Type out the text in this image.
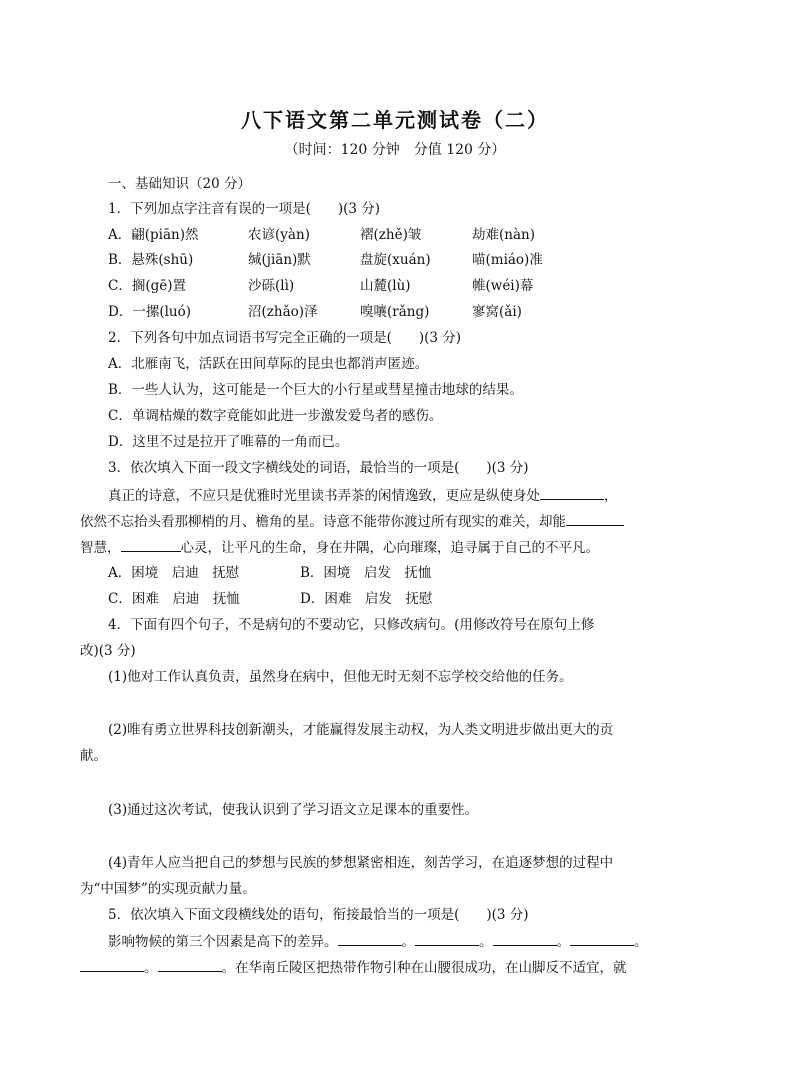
八下语文第二单元测试卷（二）
（时间：120 分钟　分值 120 分）
一、基础知识（20 分）
1．下列加点字注音有误的一项是(　　)(3 分)
A．翩(piān)然	农谚(yàn)	褶(zhě)皱	劫难(nàn)
B．悬殊(shū)	缄(jiān)默	盘旋(xuán)	喵(miáo)准
C．搁(gē)置	沙砾(lì)	山麓(lù)	帷(wéi)幕
D．一摞(luó)	沼(zhǎo)泽	嗅嚷(rǎng)	寥窝(ǎi)
2．下列各句中加点词语书写完全正确的一项是(　　)(3 分)
A．北雁南飞，活跃在田间草际的昆虫也都消声匿迹。
B．一些人认为，这可能是一个巨大的小行星或彗星撞击地球的结果。
C．单调枯燥的数字竟能如此进一步激发爱鸟者的感伤。
D．这里不过是拉开了唯幕的一角而已。
3．依次填入下面一段文字横线处的词语，最恰当的一项是(　　)(3 分)
真正的诗意，不应只是优雅时光里读书弄茶的闲情逸致，更应是纵使身处	，
依然不忘抬头看那柳梢的月、檐角的星。诗意不能带你渡过所有现实的难关，却能
智慧，	心灵，让平凡的生命，身在井隅，心向璀璨，追寻属于自己的不平凡。
A．困境　启迪　抚慰	B．困境　启发　抚恤
C．困难　启迪　抚恤	D．困难　启发　抚慰
4．下面有四个句子，不是病句的不要动它，只修改病句。(用修改符号在原句上修
改)(3 分)
(1)他对工作认真负责，虽然身在病中，但他无时无刻不忘学校交给他的任务。
(2)唯有勇立世界科技创新潮头，才能赢得发展主动权，为人类文明进步做出更大的贡
献。
(3)通过这次考试，使我认识到了学习语文立足课本的重要性。
(4)青年人应当把自己的梦想与民族的梦想紧密相连，刻苦学习，在追逐梦想的过程中
为“中国梦”的实现贡献力量。
5．依次填入下面文段横线处的语句，衔接最恰当的一项是(　　)(3 分)
影响物候的第三个因素是高下的差异。	。	。	。	。
。	。在华南丘陵区把热带作物引种在山腰很成功，在山脚反不适宜，就
